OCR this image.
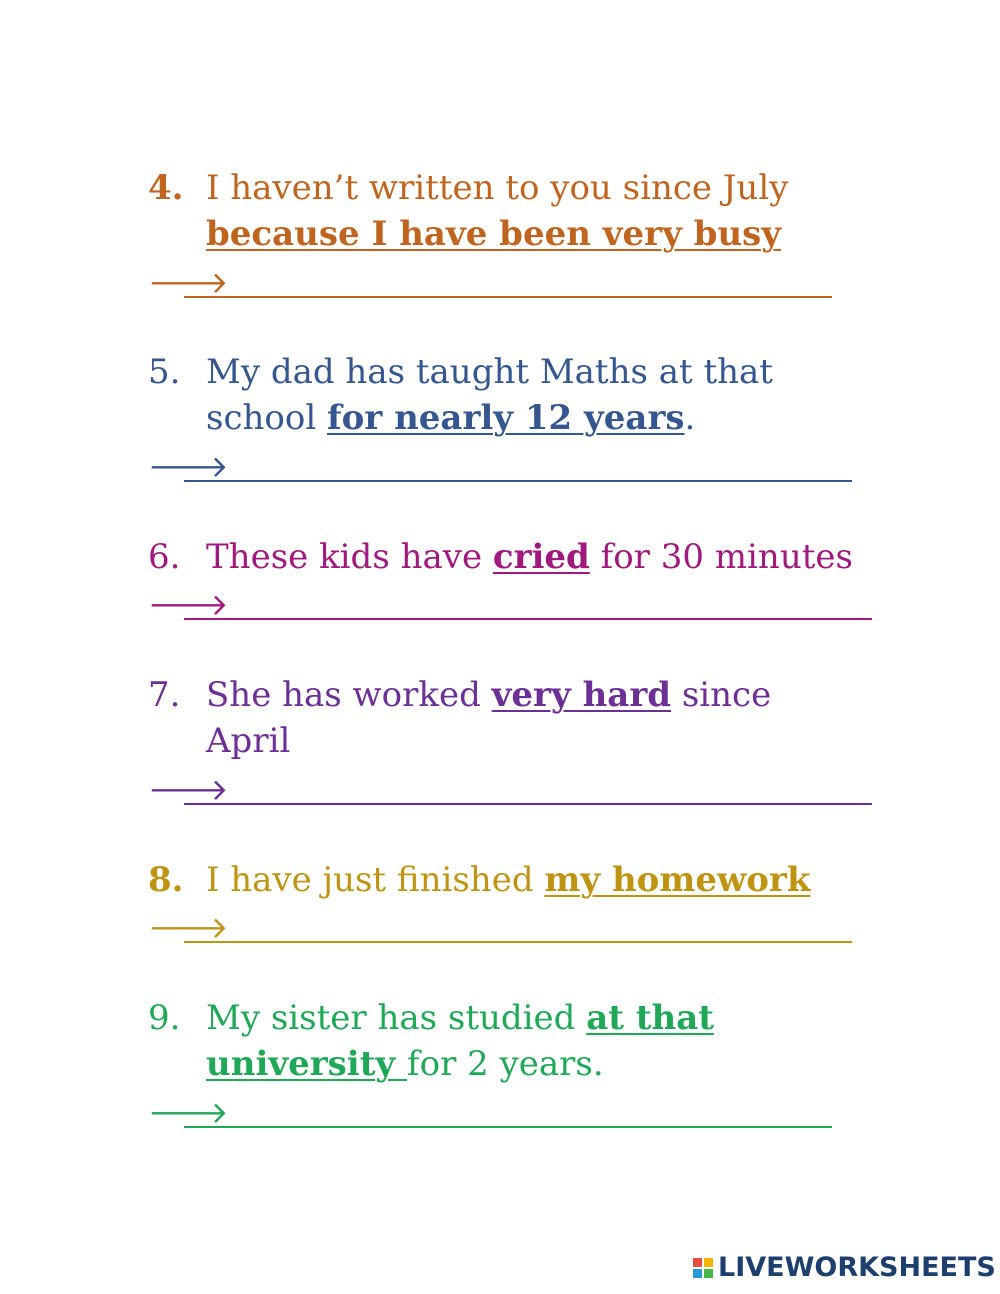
4. I haven’t written to you since July because I have been very busy
🡒
5. My dad has taught Maths at that school for nearly 12 years.
🡒
6. These kids have cried for 30 minutes
🡒
7. She has worked very hard since April
🡒
8. I have just finished my homework
🡒
9. My sister has studied at that university for 2 years.
🡒
LIVEWORKSHEETS
